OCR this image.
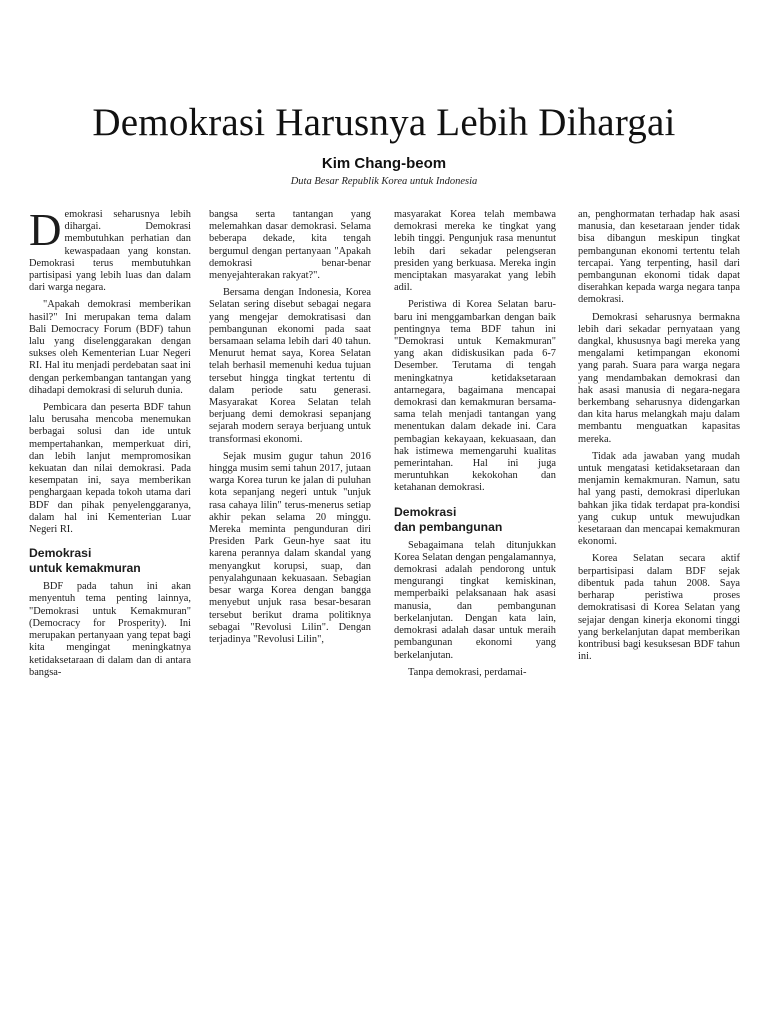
Demokrasi Harusnya Lebih Dihargai
Kim Chang-beom
Duta Besar Republik Korea untuk Indonesia

Demokrasi seharusnya lebih dihargai. Demokrasi membutuhkan perhatian dan kewaspadaan yang konstan. Demokrasi terus membutuhkan partisipasi yang lebih luas dan dalam dari warga negara.

"Apakah demokrasi memberikan hasil?" Ini merupakan tema dalam Bali Democracy Forum (BDF) tahun lalu yang diselenggarakan dengan sukses oleh Kementerian Luar Negeri RI. Hal itu menjadi perdebatan saat ini dengan perkembangan tantangan yang dihadapi demokrasi di seluruh dunia.

Pembicara dan peserta BDF tahun lalu berusaha mencoba menemukan berbagai solusi dan ide untuk mempertahankan, memperkuat diri, dan lebih lanjut mempromosikan kekuatan dan nilai demokrasi. Pada kesempatan ini, saya memberikan penghargaan kepada tokoh utama dari BDF dan pihak penyelenggaranya, dalam hal ini Kementerian Luar Negeri RI.

Demokrasi
untuk kemakmuran

BDF pada tahun ini akan menyentuh tema penting lainnya, "Demokrasi untuk Kemakmuran" (Democracy for Prosperity). Ini merupakan pertanyaan yang tepat bagi kita mengingat meningkatnya ketidaksetaraan di dalam dan di antara bangsa-

bangsa serta tantangan yang melemahkan dasar demokrasi. Selama beberapa dekade, kita tengah bergumul dengan pertanyaan "Apakah demokrasi benar-benar menyejahterakan rakyat?".

Bersama dengan Indonesia, Korea Selatan sering disebut sebagai negara yang mengejar demokratisasi dan pembangunan ekonomi pada saat bersamaan selama lebih dari 40 tahun. Menurut hemat saya, Korea Selatan telah berhasil memenuhi kedua tujuan tersebut hingga tingkat tertentu di dalam periode satu generasi. Masyarakat Korea Selatan telah berjuang demi demokrasi sepanjang sejarah modern seraya berjuang untuk transformasi ekonomi.

Sejak musim gugur tahun 2016 hingga musim semi tahun 2017, jutaan warga Korea turun ke jalan di puluhan kota sepanjang negeri untuk "unjuk rasa cahaya lilin" terus-menerus setiap akhir pekan selama 20 minggu. Mereka meminta pengunduran diri Presiden Park Geun-hye saat itu karena perannya dalam skandal yang menyangkut korupsi, suap, dan penyalahgunaan kekuasaan. Sebagian besar warga Korea dengan bangga menyebut unjuk rasa besar-besaran tersebut berikut drama politiknya sebagai "Revolusi Lilin". Dengan terjadinya "Revolusi Lilin",

masyarakat Korea telah membawa demokrasi mereka ke tingkat yang lebih tinggi. Pengunjuk rasa menuntut lebih dari sekadar pelengseran presiden yang berkuasa. Mereka ingin menciptakan masyarakat yang lebih adil.

Peristiwa di Korea Selatan baru-baru ini menggambarkan dengan baik pentingnya tema BDF tahun ini "Demokrasi untuk Kemakmuran" yang akan didiskusikan pada 6-7 Desember. Terutama di tengah meningkatnya ketidaksetaraan antarnegara, bagaimana mencapai demokrasi dan kemakmuran bersama-sama telah menjadi tantangan yang menentukan dalam dekade ini. Cara pembagian kekayaan, kekuasaan, dan hak istimewa memengaruhi kualitas pemerintahan. Hal ini juga meruntuhkan kekokohan dan ketahanan demokrasi.

Demokrasi
dan pembangunan

Sebagaimana telah ditunjukkan Korea Selatan dengan pengalamannya, demokrasi adalah pendorong untuk mengurangi tingkat kemiskinan, memperbaiki pelaksanaan hak asasi manusia, dan pembangunan berkelanjutan. Dengan kata lain, demokrasi adalah dasar untuk meraih pembangunan ekonomi yang berkelanjutan.

Tanpa demokrasi, perdamai-

an, penghormatan terhadap hak asasi manusia, dan kesetaraan jender tidak bisa dibangun meskipun tingkat pembangunan ekonomi tertentu telah tercapai. Yang terpenting, hasil dari pembangunan ekonomi tidak dapat diserahkan kepada warga negara tanpa demokrasi.

Demokrasi seharusnya bermakna lebih dari sekadar pernyataan yang dangkal, khususnya bagi mereka yang mengalami ketimpangan ekonomi yang parah. Suara para warga negara yang mendambakan demokrasi dan hak asasi manusia di negara-negara berkembang seharusnya didengarkan dan kita harus melangkah maju dalam membantu menguatkan kapasitas mereka.

Tidak ada jawaban yang mudah untuk mengatasi ketidaksetaraan dan menjamin kemakmuran. Namun, satu hal yang pasti, demokrasi diperlukan bahkan jika tidak terdapat pra-kondisi yang cukup untuk mewujudkan kesetaraan dan mencapai kemakmuran ekonomi.

Korea Selatan secara aktif berpartisipasi dalam BDF sejak dibentuk pada tahun 2008. Saya berharap peristiwa proses demokratisasi di Korea Selatan yang sejajar dengan kinerja ekonomi tinggi yang berkelanjutan dapat memberikan kontribusi bagi kesuksesan BDF tahun ini.
